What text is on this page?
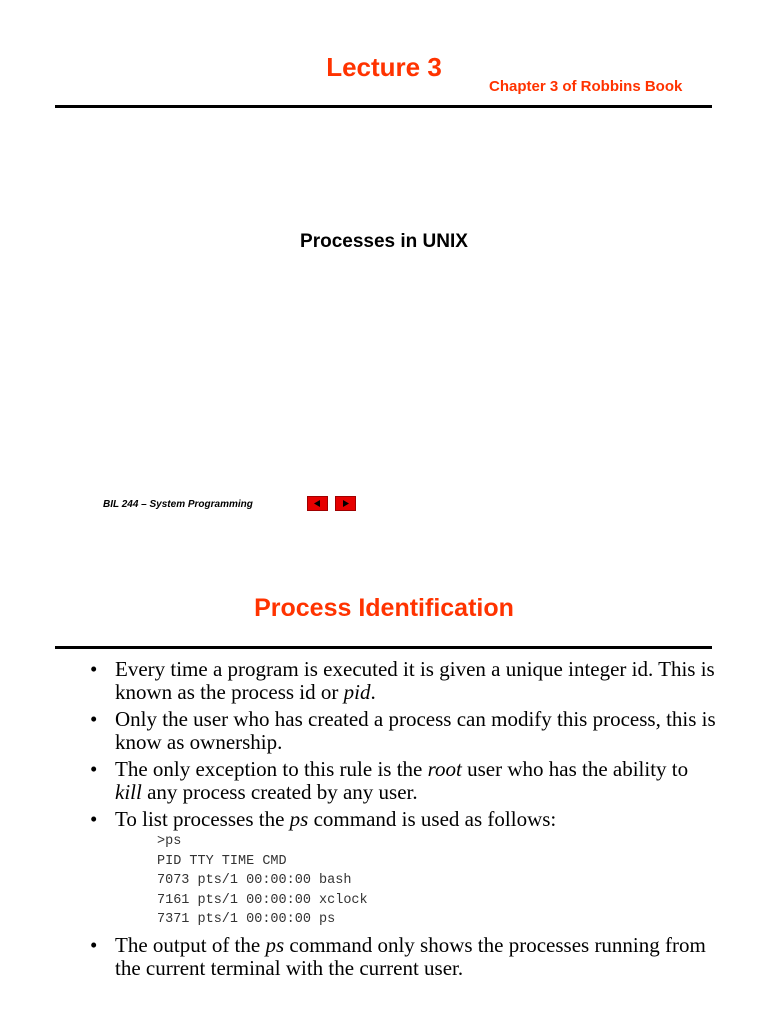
Lecture 3
Chapter 3 of Robbins Book
Processes in UNIX
BIL 244 – System Programming
Process Identification
• Every time a program is executed it is given a unique integer id. This is known as the process id or pid.
• Only the user who has created a process can modify this process, this is know as ownership.
• The only exception to this rule is the root user who has the ability to kill any process created by any user.
• To list processes the ps command is used as follows:
>ps
PID TTY TIME CMD
7073 pts/1 00:00:00 bash
7161 pts/1 00:00:00 xclock
7371 pts/1 00:00:00 ps
• The output of the ps command only shows the processes running from the current terminal with the current user.
